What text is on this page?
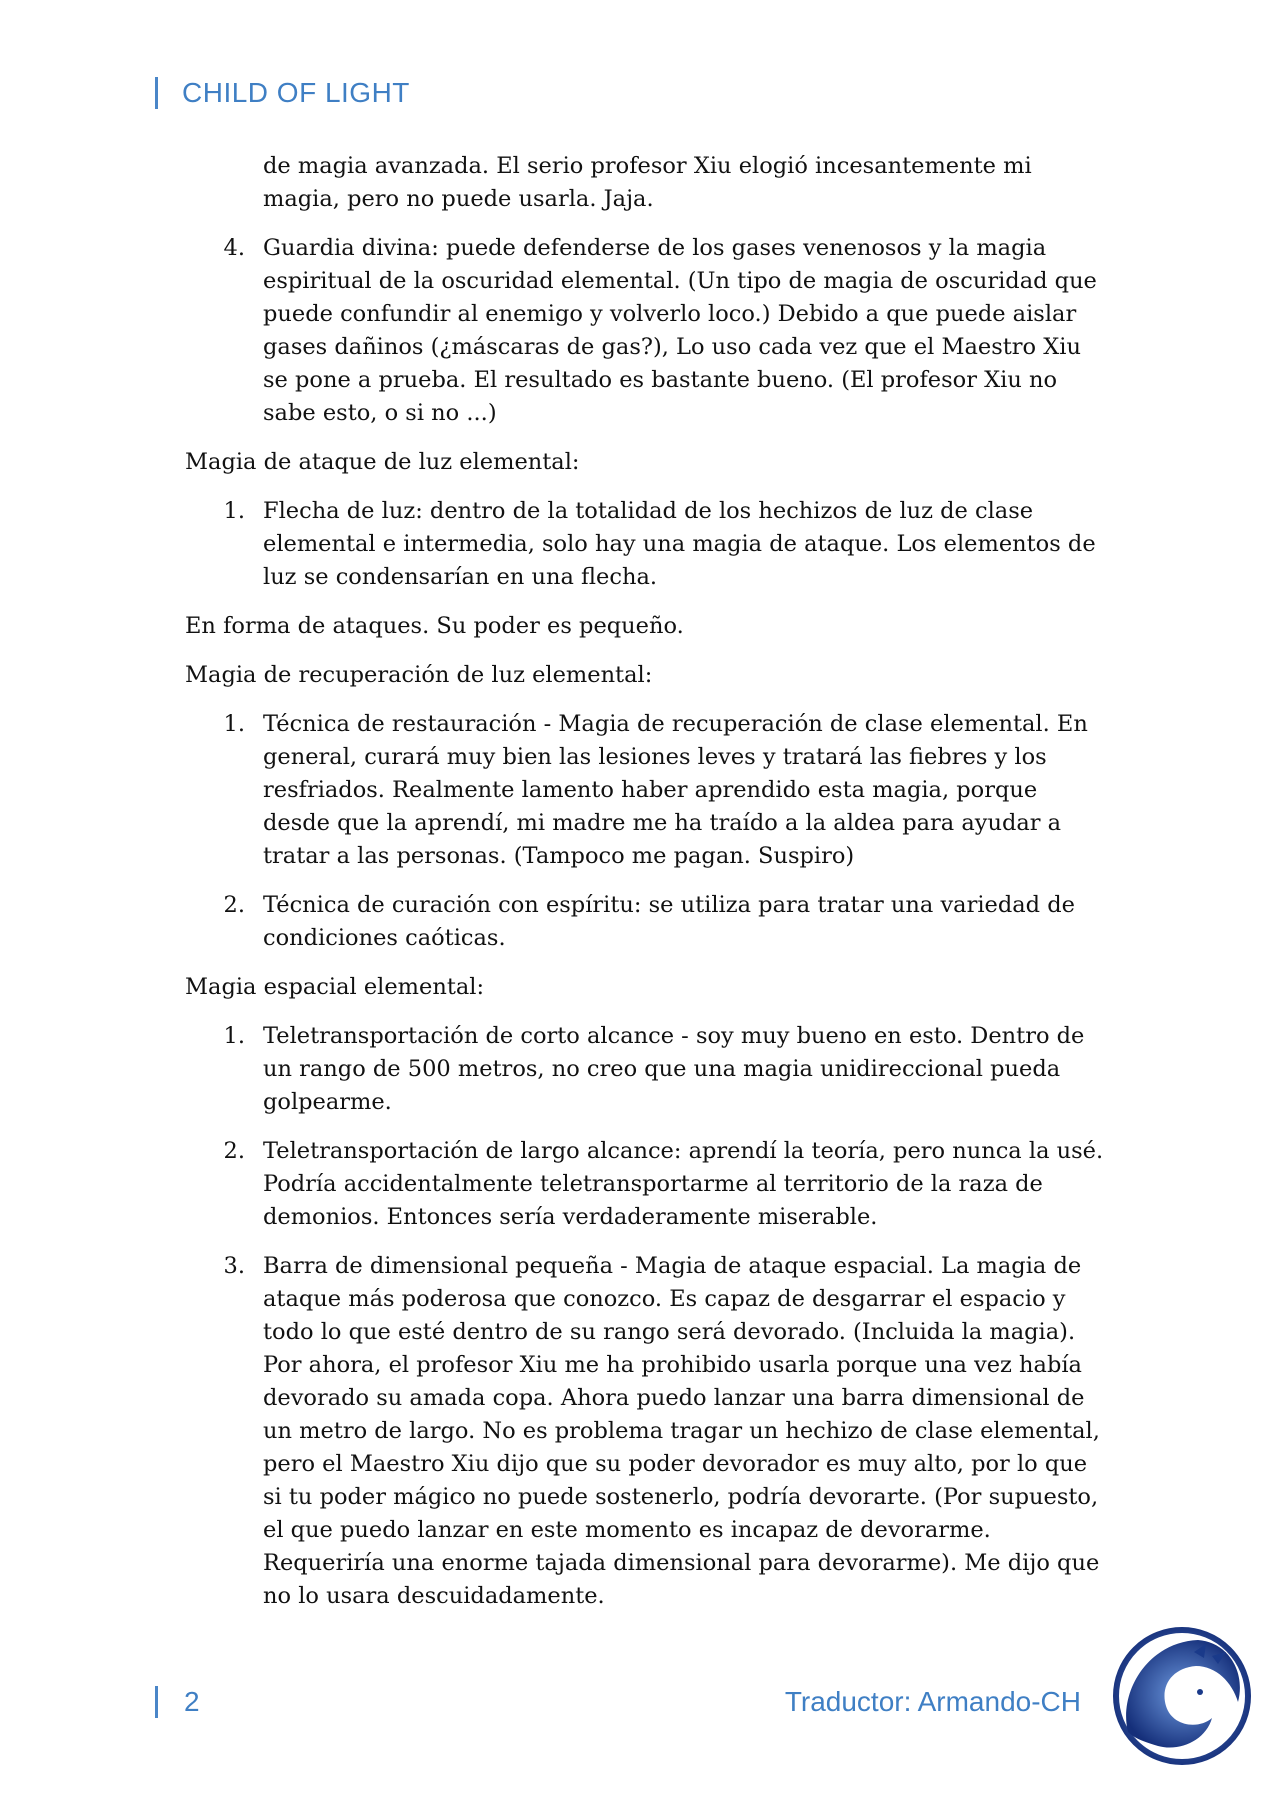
CHILD OF LIGHT
de magia avanzada. El serio profesor Xiu elogió incesantemente mi magia, pero no puede usarla. Jaja.
4. Guardia divina: puede defenderse de los gases venenosos y la magia espiritual de la oscuridad elemental. (Un tipo de magia de oscuridad que puede confundir al enemigo y volverlo loco.) Debido a que puede aislar gases dañinos (¿máscaras de gas?), Lo uso cada vez que el Maestro Xiu se pone a prueba. El resultado es bastante bueno. (El profesor Xiu no sabe esto, o si no ...)
Magia de ataque de luz elemental:
1. Flecha de luz: dentro de la totalidad de los hechizos de luz de clase elemental e intermedia, solo hay una magia de ataque. Los elementos de luz se condensarían en una flecha.
En forma de ataques. Su poder es pequeño.
Magia de recuperación de luz elemental:
1. Técnica de restauración - Magia de recuperación de clase elemental. En general, curará muy bien las lesiones leves y tratará las fiebres y los resfriados. Realmente lamento haber aprendido esta magia, porque desde que la aprendí, mi madre me ha traído a la aldea para ayudar a tratar a las personas. (Tampoco me pagan. Suspiro)
2. Técnica de curación con espíritu: se utiliza para tratar una variedad de condiciones caóticas.
Magia espacial elemental:
1. Teletransportación de corto alcance - soy muy bueno en esto. Dentro de un rango de 500 metros, no creo que una magia unidireccional pueda golpearme.
2. Teletransportación de largo alcance: aprendí la teoría, pero nunca la usé. Podría accidentalmente teletransportarme al territorio de la raza de demonios. Entonces sería verdaderamente miserable.
3. Barra de dimensional pequeña - Magia de ataque espacial. La magia de ataque más poderosa que conozco. Es capaz de desgarrar el espacio y todo lo que esté dentro de su rango será devorado. (Incluida la magia). Por ahora, el profesor Xiu me ha prohibido usarla porque una vez había devorado su amada copa. Ahora puedo lanzar una barra dimensional de un metro de largo. No es problema tragar un hechizo de clase elemental, pero el Maestro Xiu dijo que su poder devorador es muy alto, por lo que si tu poder mágico no puede sostenerlo, podría devorarte. (Por supuesto, el que puedo lanzar en este momento es incapaz de devorarme. Requeriría una enorme tajada dimensional para devorarme). Me dijo que no lo usara descuidadamente.
2	Traductor: Armando-CH
